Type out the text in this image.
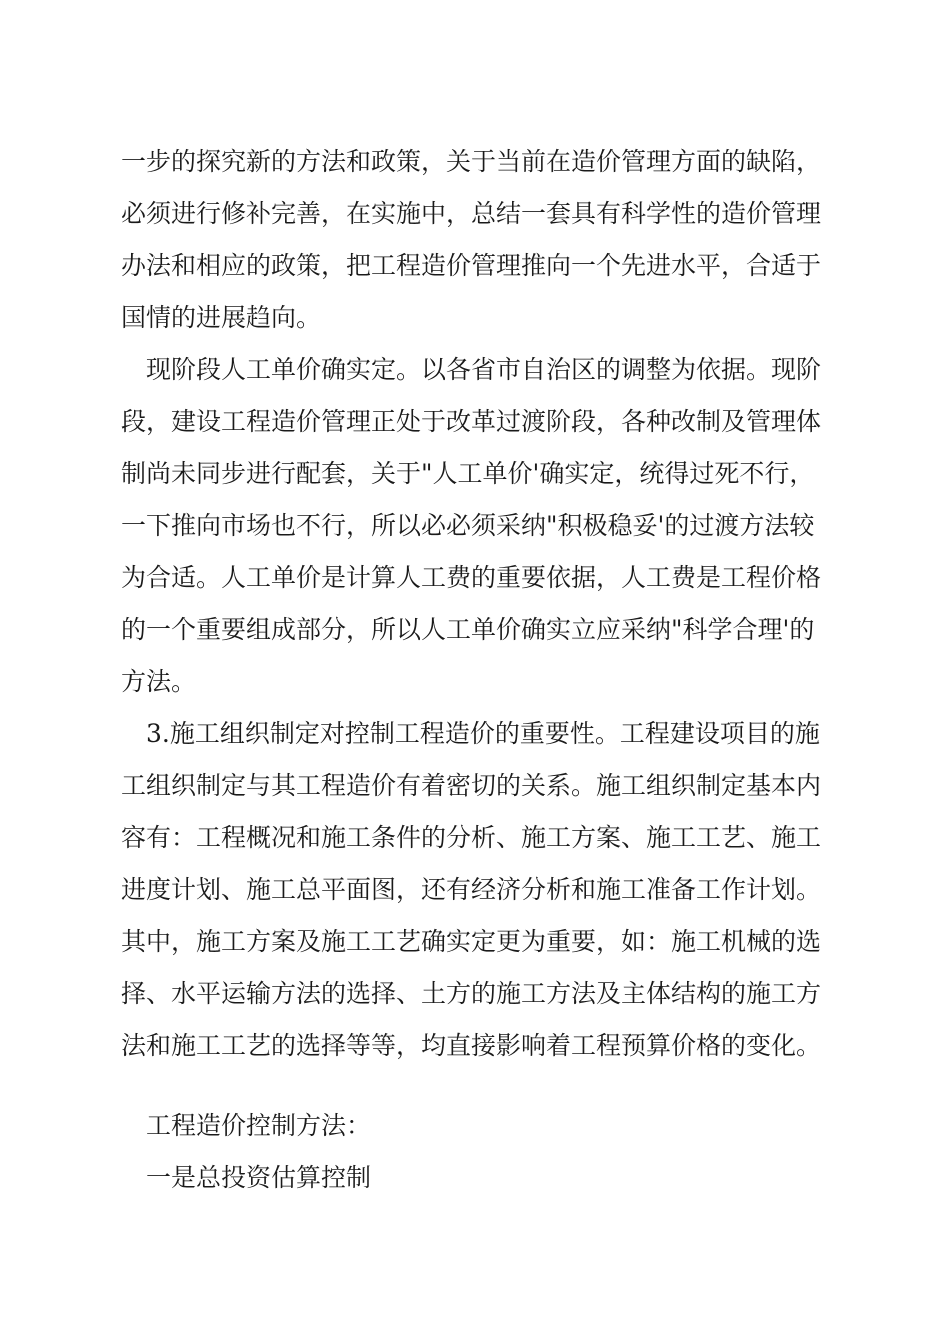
一步的探究新的方法和政策，关于当前在造价管理方面的缺陷，

必须进行修补完善，在实施中，总结一套具有科学性的造价管理

办法和相应的政策，把工程造价管理推向一个先进水平，合适于

国情的进展趋向。

现阶段人工单价确实定。以各省市自治区的调整为依据。现阶

段，建设工程造价管理正处于改革过渡阶段，各种改制及管理体

制尚未同步进行配套，关于"人工单价'确实定，统得过死不行，

一下推向市场也不行，所以必必须采纳"积极稳妥'的过渡方法较

为合适。人工单价是计算人工费的重要依据，人工费是工程价格

的一个重要组成部分，所以人工单价确实立应采纳"科学合理'的

方法。

3.施工组织制定对控制工程造价的重要性。工程建设项目的施

工组织制定与其工程造价有着密切的关系。施工组织制定基本内

容有：工程概况和施工条件的分析、施工方案、施工工艺、施工

进度计划、施工总平面图，还有经济分析和施工准备工作计划。

其中，施工方案及施工工艺确实定更为重要，如：施工机械的选

择、水平运输方法的选择、土方的施工方法及主体结构的施工方

法和施工工艺的选择等等，均直接影响着工程预算价格的变化。

工程造价控制方法：

一是总投资估算控制
